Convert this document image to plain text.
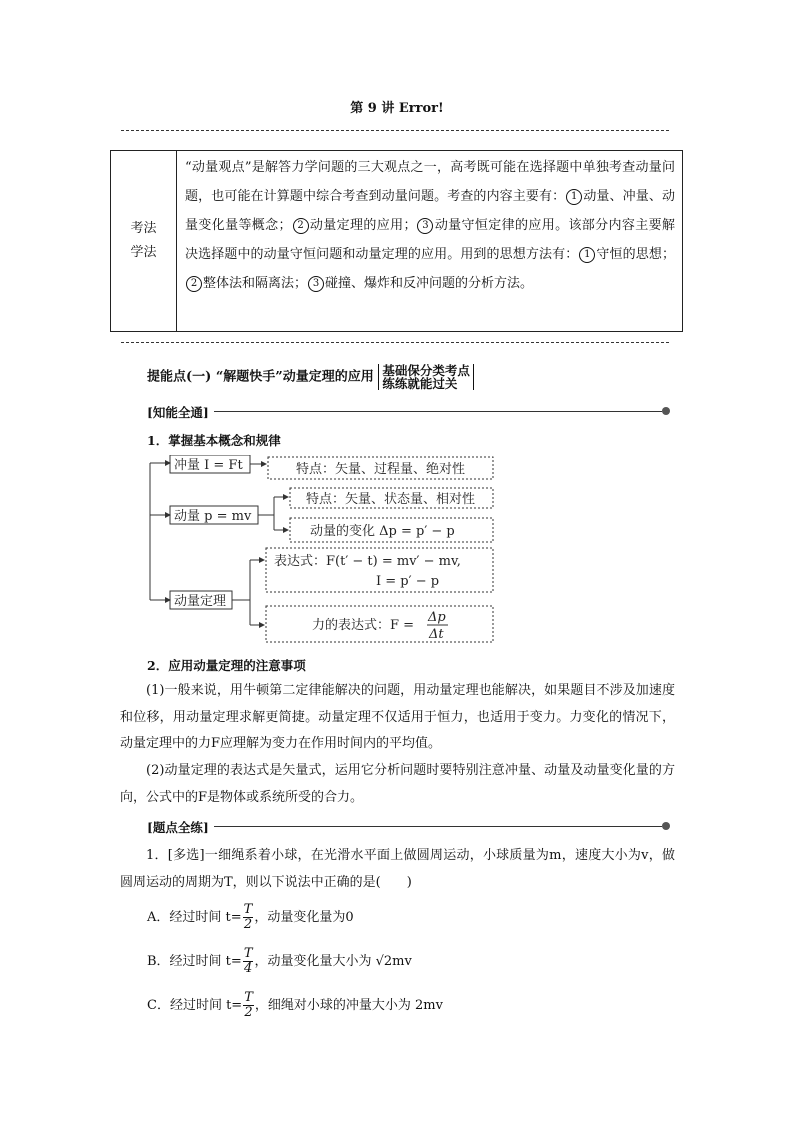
第 9 讲 Error!
考法
学法
“动量观点”是解答力学问题的三大观点之一，高考既可能在选择题中单独考查动量问题，也可能在计算题中综合考查到动量问题。考查的内容主要有： 1 动量、冲量、动量变化量等概念； 2 动量定理的应用； 3 动量守恒定律的应用。该部分内容主要解决选择题中的动量守恒问题和动量定理的应用。用到的思想方法有： 1 守恒的思想；2 整体法和隔离法； 3 碰撞、爆炸和反冲问题的分析方法。
提能点(一) “解题快手”动量定理的应用 基础保分类考点
练练就能过关
[知能全通]
1．掌握基本概念和规律
冲量 I = Ft	特点：矢量、过程量、绝对性
动量 p = mv
特点：矢量、状态量、相对性
动量的变化 Δp = p′ − p
动量定理
表达式：F(t′ − t) = mv′ − mv,
I = p′ − p
力的表达式：F =
Δp
Δt
2．应用动量定理的注意事项
(1)一般来说，用牛顿第二定律能解决的问题，用动量定理也能解决，如果题目不涉及加速度和位移，用动量定理求解更简捷。动量定理不仅适用于恒力，也适用于变力。力变化的情况下，动量定理中的力F应理解为变力在作用时间内的平均值。
(2)动量定理的表达式是矢量式，运用它分析问题时要特别注意冲量、动量及动量变化量的方向，公式中的F是物体或系统所受的合力。
[题点全练]
1．[多选]一细绳系着小球，在光滑水平面上做圆周运动，小球质量为m，速度大小为v，做圆周运动的周期为T，则以下说法中正确的是(　　)
A．经过时间 $t= \frac{T}{2}$ ，动量变化量为0
B．经过时间 $t= \frac{T}{4}$ ，动量变化量大小为 √2mv
C．经过时间 $t= \frac{T}{2}$ ，细绳对小球的冲量大小为 2mv
